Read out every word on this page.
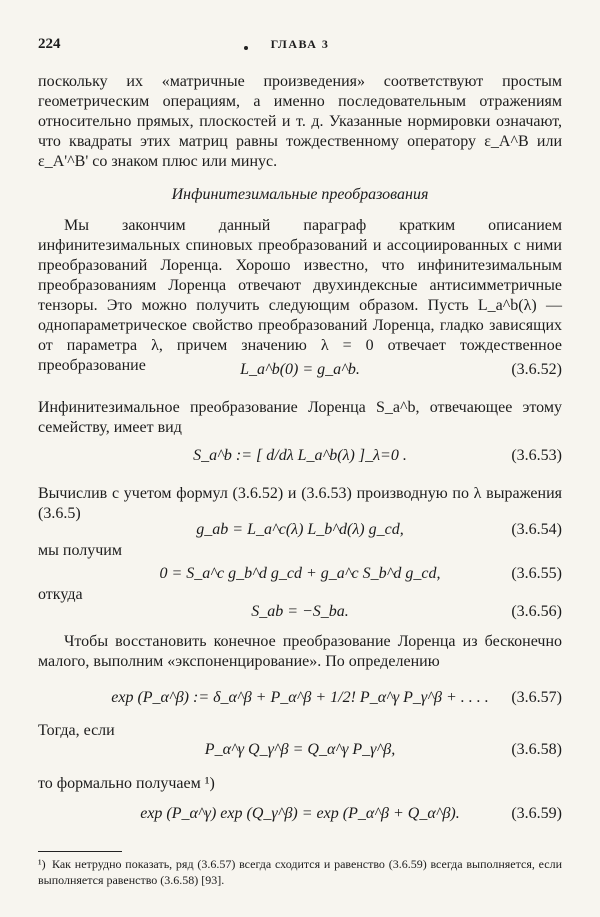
224	ГЛАВА 3
поскольку их «матричные произведения» соответствуют простым геометрическим операциям, а именно последовательным отражениям относительно прямых, плоскостей и т. д. Указанные нормировки означают, что квадраты этих матриц равны тождественному оператору ε_A^B или ε_A'^B' со знаком плюс или минус.
Инфинитезимальные преобразования
Мы закончим данный параграф кратким описанием инфинитезимальных спиновых преобразований и ассоциированных с ними преобразований Лоренца. Хорошо известно, что инфинитезимальным преобразованиям Лоренца отвечают двухиндексные антисимметричные тензоры. Это можно получить следующим образом. Пусть L_a^b(λ) — однопараметрическое свойство преобразований Лоренца, гладко зависящих от параметра λ, причем значению λ = 0 отвечает тождественное преобразование	L_a^b(0) = g_a^b.	(3.6.52)
Инфинитезимальное преобразование Лоренца S_a^b, отвечающее этому семейству, имеет вид
S_a^b := [ d/dλ L_a^b(λ) ]_λ=0 .	(3.6.53)
Вычислив с учетом формул (3.6.52) и (3.6.53) производную по λ выражения (3.6.5)
g_ab = L_a^c(λ) L_b^d(λ) g_cd,	(3.6.54)
мы получим
0 = S_a^c g_b^d g_cd + g_a^c S_b^d g_cd,	(3.6.55)
откуда
S_ab = −S_ba.	(3.6.56)
Чтобы восстановить конечное преобразование Лоренца из бесконечно малого, выполним «экспоненцирование». По определению
exp (P_α^β) := δ_α^β + P_α^β + 1/2! P_α^γ P_γ^β + . . . .	(3.6.57)
Тогда, если
P_α^γ Q_γ^β = Q_α^γ P_γ^β,	(3.6.58)
то формально получаем ¹)
exp (P_α^γ) exp (Q_γ^β) = exp (P_α^β + Q_α^β).	(3.6.59)
¹) Как нетрудно показать, ряд (3.6.57) всегда сходится и равенство (3.6.59) всегда выполняется, если выполняется равенство (3.6.58) [93].
